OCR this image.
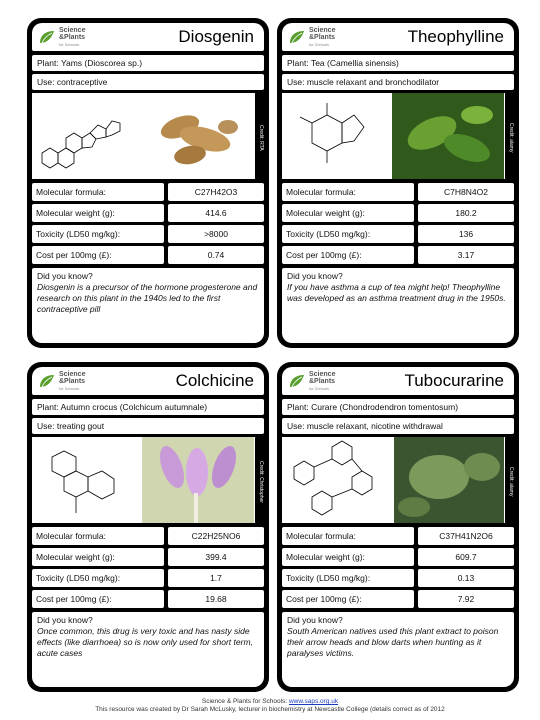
Science
&Plants
for Schools	Diosgenin
Plant: Yams (Dioscorea sp.)
Use: contraceptive
Credit: RTA
Molecular formula:	C27H42O3
Molecular weight (g):	414.6
Toxicity (LD50 mg/kg):	>8000
Cost per 100mg (£):	0.74
Did you know?
Diosgenin is a precursor of the hormone progesterone and research on this plant in the 1940s led to the first contraceptive pill
Science
&Plants
for Schools	Theophylline
Plant: Tea (Camellia sinensis)
Use: muscle relaxant and bronchodilator
Credit: alamy
Molecular formula:	C7H8N4O2
Molecular weight (g):	180.2
Toxicity (LD50 mg/kg):	136
Cost per 100mg (£):	3.17
Did you know?
If you have asthma a cup of tea might help! Theophylline was developed as an asthma treatment drug in the 1950s.
Science
&Plants
for Schools	Colchicine
Plant: Autumn crocus (Colchicum autumnale)
Use: treating gout
Credit: Christopher
Molecular formula:	C22H25NO6
Molecular weight (g):	399.4
Toxicity (LD50 mg/kg):	1.7
Cost per 100mg (£):	19.68
Did you know?
Once common, this drug is very toxic and has nasty side effects (like diarrhoea) so is now only used for short term, acute cases
Science
&Plants
for Schools	Tubocurarine
Plant: Curare (Chondrodendron tomentosum)
Use: muscle relaxant, nicotine withdrawal
Credit: alamy
Molecular formula:	C37H41N2O6
Molecular weight (g):	609.7
Toxicity (LD50 mg/kg):	0.13
Cost per 100mg (£):	7.92
Did you know?
South American natives used this plant extract to poison their arrow heads and blow darts when hunting as it paralyses victims.
Science & Plants for Schools: www.saps.org.uk
This resource was created by Dr Sarah McLusky, lecturer in biochemistry at Newcastle College (details correct as of 2012
